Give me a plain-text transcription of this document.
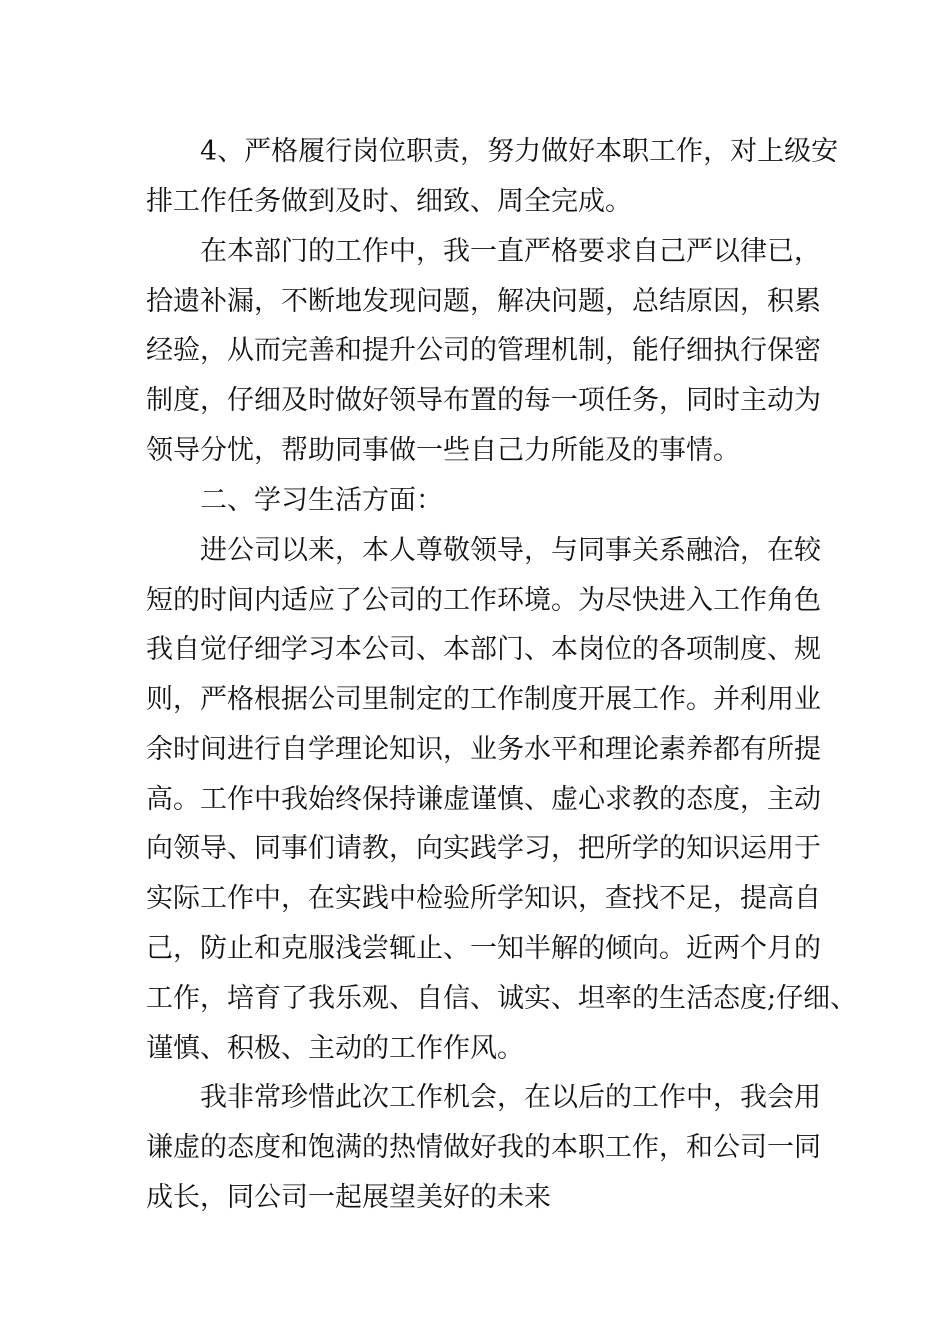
4、严格履行岗位职责，努力做好本职工作，对上级安
排工作任务做到及时、细致、周全完成。
在本部门的工作中，我一直严格要求自己严以律已，
拾遗补漏，不断地发现问题，解决问题，总结原因，积累
经验，从而完善和提升公司的管理机制，能仔细执行保密
制度，仔细及时做好领导布置的每一项任务，同时主动为
领导分忧，帮助同事做一些自己力所能及的事情。
二、学习生活方面：
进公司以来，本人尊敬领导，与同事关系融洽，在较
短的时间内适应了公司的工作环境。为尽快进入工作角色
我自觉仔细学习本公司、本部门、本岗位的各项制度、规
则，严格根据公司里制定的工作制度开展工作。并利用业
余时间进行自学理论知识，业务水平和理论素养都有所提
高。工作中我始终保持谦虚谨慎、虚心求教的态度，主动
向领导、同事们请教，向实践学习，把所学的知识运用于
实际工作中，在实践中检验所学知识，查找不足，提高自
己，防止和克服浅尝辄止、一知半解的倾向。近两个月的
工作，培育了我乐观、自信、诚实、坦率的生活态度;仔细、
谨慎、积极、主动的工作作风。
我非常珍惜此次工作机会，在以后的工作中，我会用
谦虚的态度和饱满的热情做好我的本职工作，和公司一同
成长，同公司一起展望美好的未来
